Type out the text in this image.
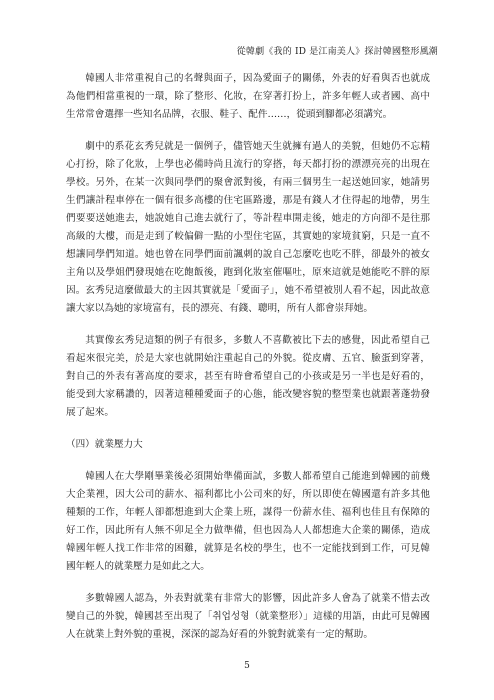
從韓劇《我的 ID 是江南美人》探討韓國整形風潮

韓國人非常重視自己的名聲與面子，因為愛面子的關係，外表的好看與否也就成為他們相當重視的一環，除了整形、化妝，在穿著打扮上，許多年輕人或者國、高中生常常會選擇一些知名品牌，衣服、鞋子、配件……，從頭到腳都必須講究。

劇中的系花玄秀兒就是一個例子，儘管她天生就擁有過人的美貌，但她仍不忘精心打扮，除了化妝，上學也必備時尚且流行的穿搭，每天都打扮的漂漂亮亮的出現在學校。另外，在某一次與同學們的聚會派對後，有兩三個男生一起送她回家，她請男生們讓計程車停在一個有很多高樓的住宅區路邊，那是有錢人才住得起的地帶，男生們要要送她進去，她說她自己進去就行了，等計程車開走後，她走的方向卻不是往那高級的大樓，而是走到了較偏僻一點的小型住宅區，其實她的家境貧窮，只是一直不想讓同學們知道。她也曾在同學們面前諷刺的說自己怎麼吃也吃不胖，卻最外的被女主角以及學姐們發現她在吃飽飯後，跑到化妝室催嘔吐，原來這就是她能吃不胖的原因。玄秀兒這麼做最大的主因其實就是「愛面子」，她不希望被別人看不起，因此故意讓大家以為她的家境富有，長的漂亮、有錢、聰明，所有人都會崇拜她。

其實像玄秀兒這類的例子有很多，多數人不喜歡被比下去的感覺，因此希望自己看起來很完美，於是大家也就開始注重起自己的外貌。從皮膚、五官、臉蛋到穿著，對自己的外表有著高度的要求，甚至有時會希望自己的小孩或是另一半也是好看的，能受到大家稱讚的，因著這種種愛面子的心態，能改變容貌的整型業也就跟著蓬勃發展了起來。

（四）就業壓力大

韓國人在大學剛畢業後必須開始準備面試，多數人都希望自己能進到韓國的前幾大企業裡，因大公司的薪水、福利都比小公司來的好，所以即使在韓國還有許多其他種類的工作，年輕人卻都想進到大企業上班，謀得一份薪水佳、福利也佳且有保障的好工作，因此所有人無不卯足全力做準備，但也因為人人都想進大企業的關係，造成韓國年輕人找工作非常的困難，就算是名校的學生，也不一定能找到到工作，可見韓國年輕人的就業壓力是如此之大。

多數韓國人認為，外表對就業有非常大的影響，因此許多人會為了就業不惜去改變自己的外貌，韓國甚至出現了「취업성형（就業整形）」這樣的用語，由此可見韓國人在就業上對外貌的重視，深深的認為好看的外貌對就業有一定的幫助。

5
